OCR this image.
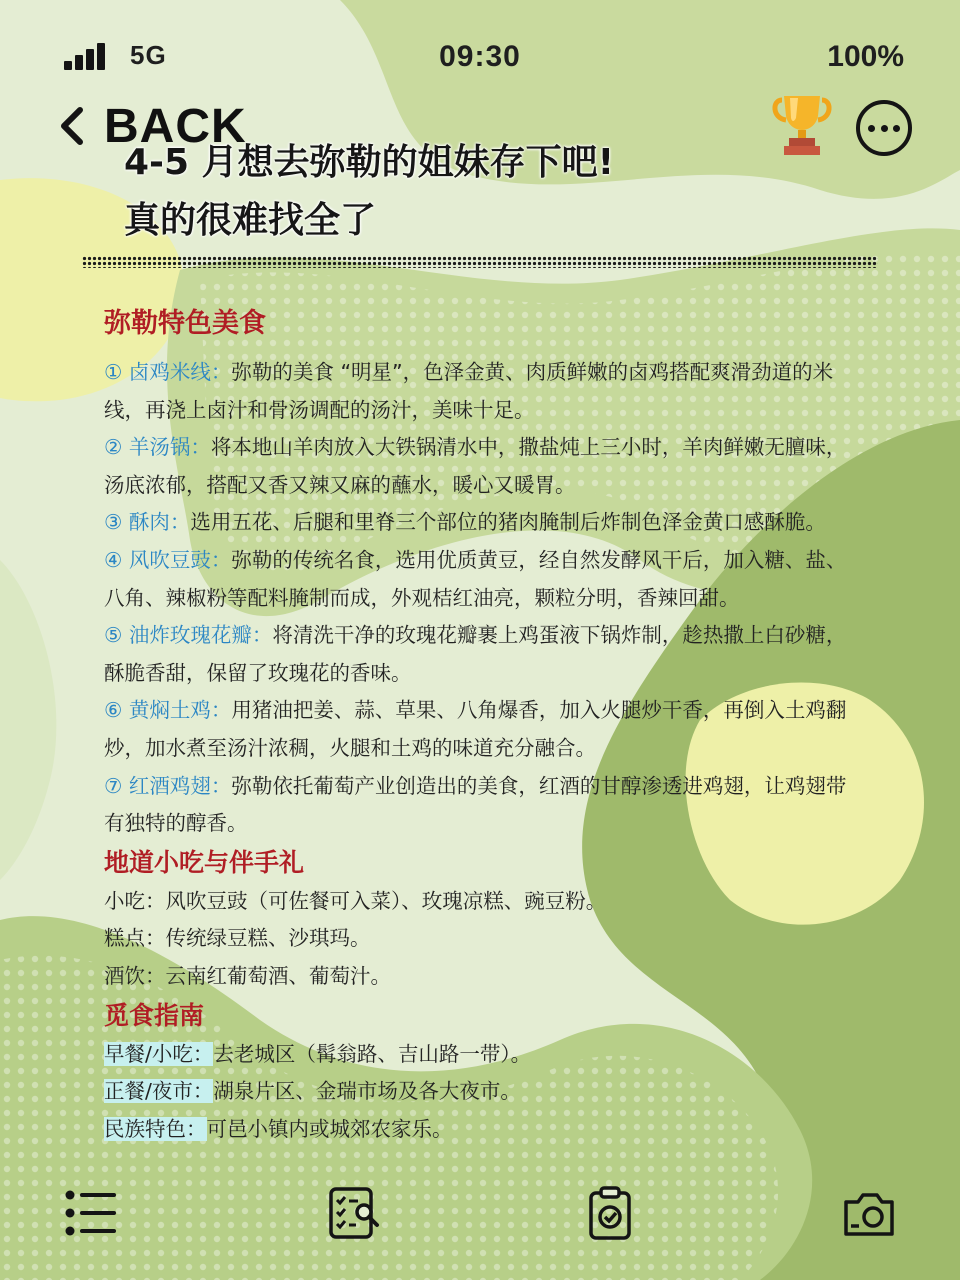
5G	09:30	100%
BACK
4-5 月想去弥勒的姐妹存下吧!
真的很难找全了

弥勒特色美食

① 卤鸡米线：弥勒的美食 “明星”，色泽金黄、肉质鲜嫩的卤鸡搭配爽滑劲道的米线，再浇上卤汁和骨汤调配的汤汁，美味十足。

② 羊汤锅：将本地山羊肉放入大铁锅清水中，撒盐炖上三小时，羊肉鲜嫩无膻味，汤底浓郁，搭配又香又辣又麻的蘸水，暖心又暖胃。

③ 酥肉：选用五花、后腿和里脊三个部位的猪肉腌制后炸制色泽金黄口感酥脆。

④ 风吹豆豉：弥勒的传统名食，选用优质黄豆，经自然发酵风干后，加入糖、盐、八角、辣椒粉等配料腌制而成，外观桔红油亮，颗粒分明，香辣回甜。

⑤ 油炸玫瑰花瓣：将清洗干净的玫瑰花瓣裹上鸡蛋液下锅炸制，趁热撒上白砂糖，酥脆香甜，保留了玫瑰花的香味。

⑥ 黄焖土鸡：用猪油把姜、蒜、草果、八角爆香，加入火腿炒干香，再倒入土鸡翻炒，加水煮至汤汁浓稠，火腿和土鸡的味道充分融合。

⑦ 红酒鸡翅：弥勒依托葡萄产业创造出的美食，红酒的甘醇渗透进鸡翅，让鸡翅带有独特的醇香。

地道小吃与伴手礼

小吃：风吹豆豉（可佐餐可入菜）、玫瑰凉糕、豌豆粉。

糕点：传统绿豆糕、沙琪玛。

酒饮：云南红葡萄酒、葡萄汁。

觅食指南

早餐/小吃：去老城区（髯翁路、吉山路一带）。

正餐/夜市：湖泉片区、金瑞市场及各大夜市。

民族特色：可邑小镇内或城郊农家乐。
